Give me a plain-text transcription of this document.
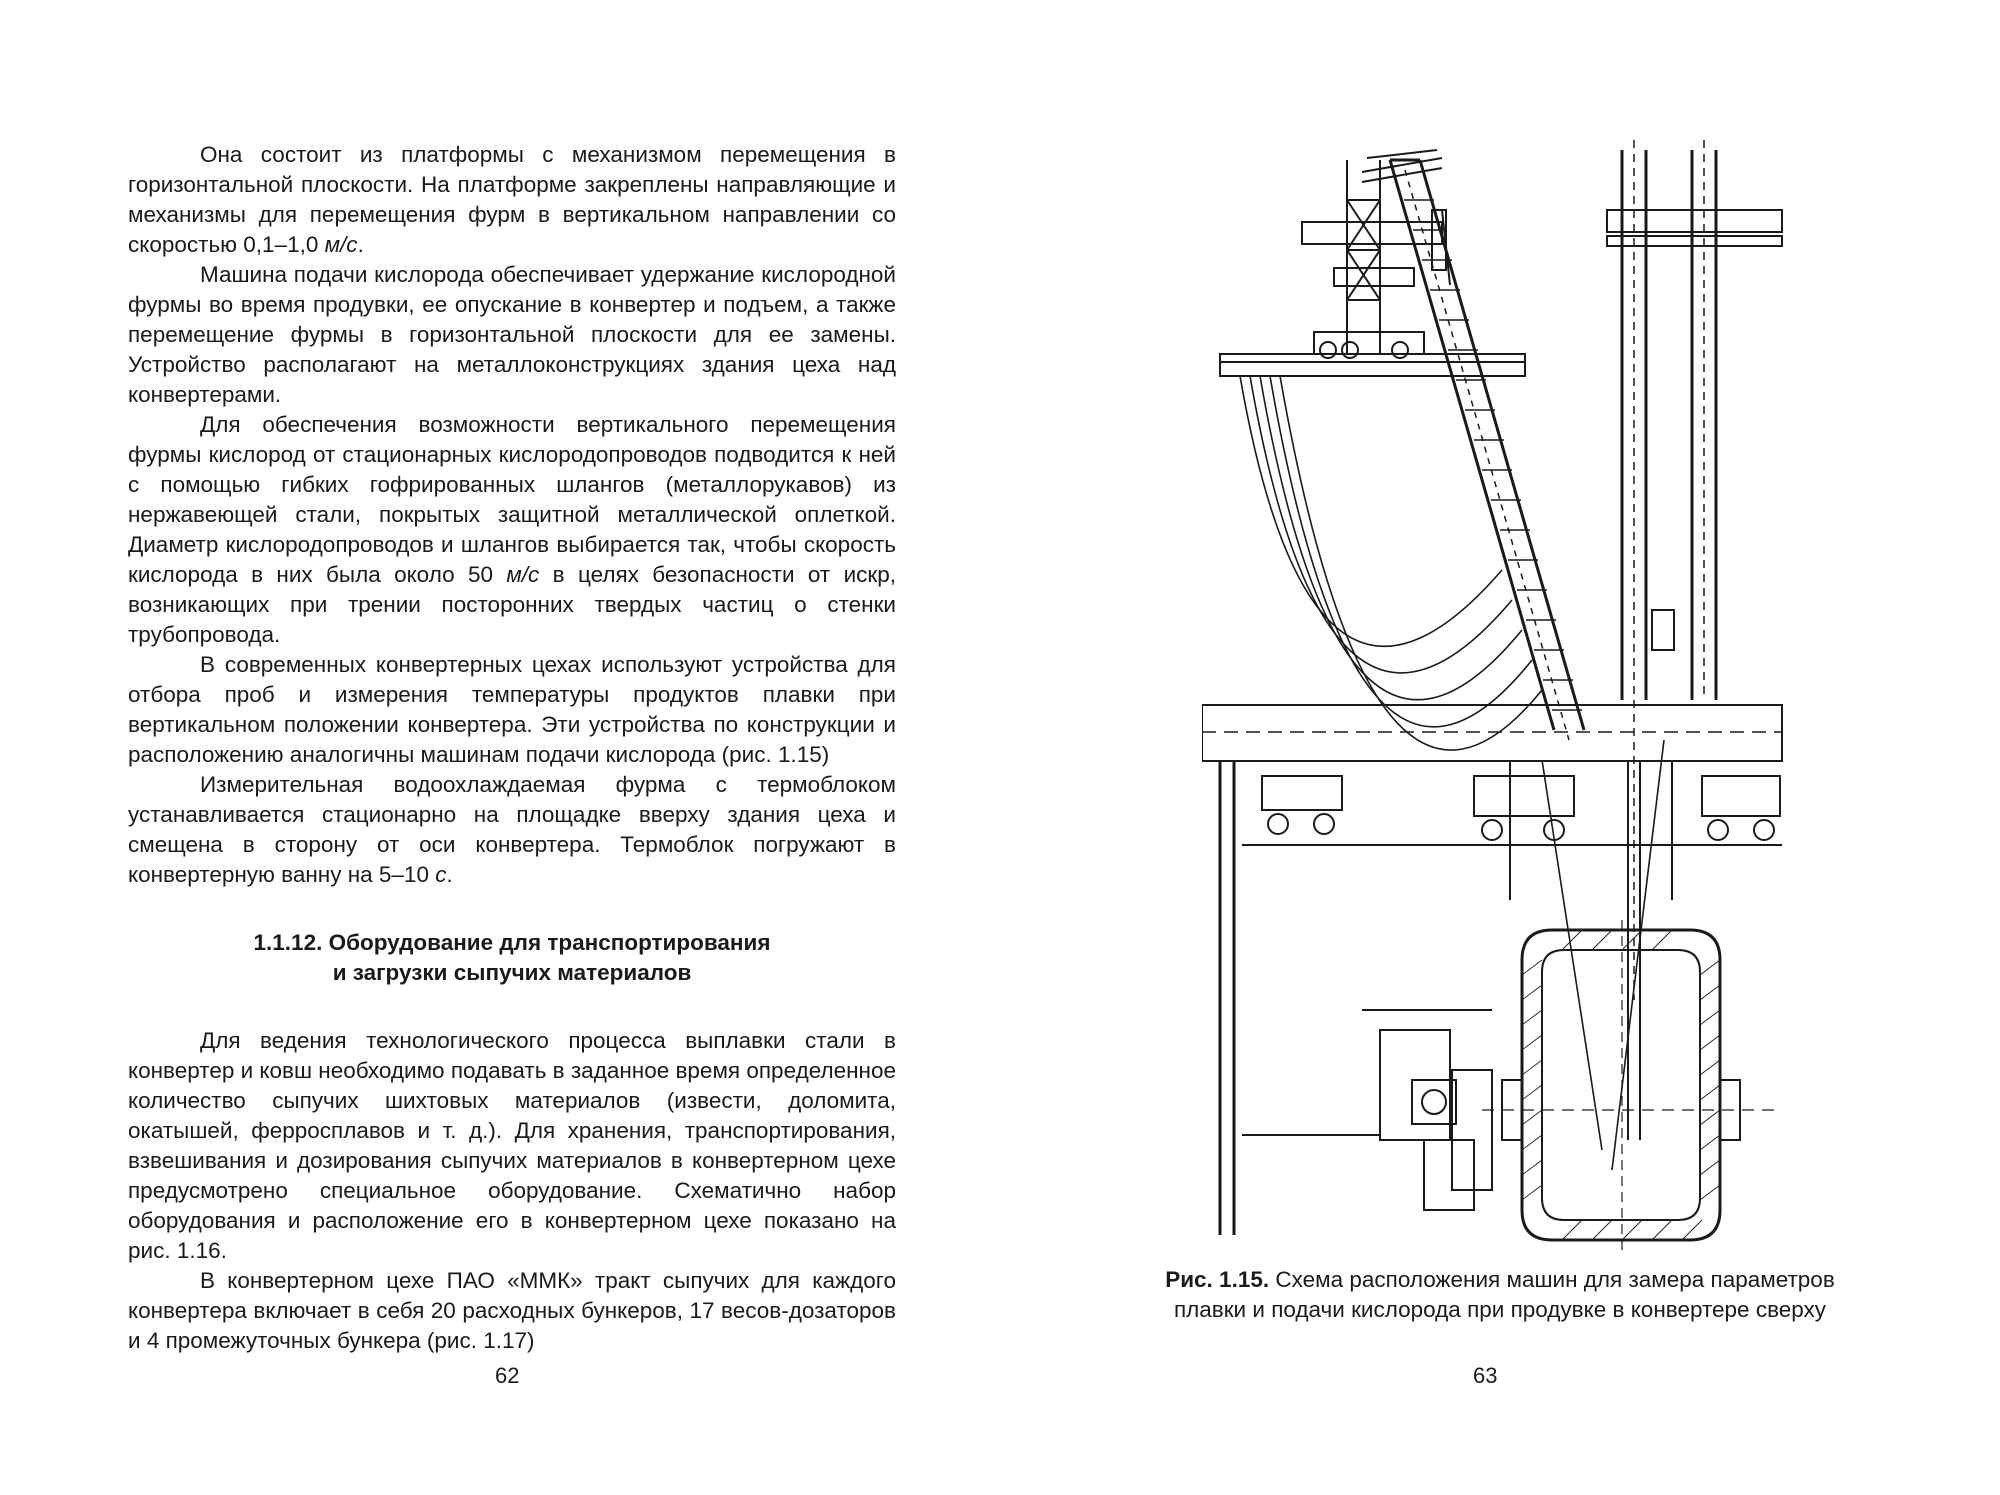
Она состоит из платформы с механизмом перемещения в горизонтальной плоскости. На платформе закреплены направляющие и механизмы для перемещения фурм в вертикальном направлении со скоростью 0,1–1,0 м/с.

Машина подачи кислорода обеспечивает удержание кислородной фурмы во время продувки, ее опускание в конвертер и подъем, а также перемещение фурмы в горизонтальной плоскости для ее замены. Устройство располагают на металлоконструкциях здания цеха над конвертерами.

Для обеспечения возможности вертикального перемещения фурмы кислород от стационарных кислородопроводов подводится к ней с помощью гибких гофрированных шлангов (металлорукавов) из нержавеющей стали, покрытых защитной металлической оплеткой. Диаметр кислородопроводов и шлангов выбирается так, чтобы скорость кислорода в них была около 50 м/с в целях безопасности от искр, возникающих при трении посторонних твердых частиц о стенки трубопровода.

В современных конвертерных цехах используют устройства для отбора проб и измерения температуры продуктов плавки при вертикальном положении конвертера. Эти устройства по конструкции и расположению аналогичны машинам подачи кислорода (рис. 1.15)

Измерительная водоохлаждаемая фурма с термоблоком устанавливается стационарно на площадке вверху здания цеха и смещена в сторону от оси конвертера. Термоблок погружают в конвертерную ванну на 5–10 с.

1.1.12. Оборудование для транспортирования
и загрузки сыпучих материалов

Для ведения технологического процесса выплавки стали в конвертер и ковш необходимо подавать в заданное время определенное количество сыпучих шихтовых материалов (извести, доломита, окатышей, ферросплавов и т. д.). Для хранения, транспортирования, взвешивания и дозирования сыпучих материалов в конвертерном цехе предусмотрено специальное оборудование. Схематично набор оборудования и расположение его в конвертерном цехе показано на рис. 1.16.

В конвертерном цехе ПАО «ММК» тракт сыпучих для каждого конвертера включает в себя 20 расходных бункеров, 17 весов-дозаторов и 4 промежуточных бункера (рис. 1.17)

62
Рис. 1.15. Схема расположения машин для замера параметров
плавки и подачи кислорода при продувке в конвертере сверху
63
